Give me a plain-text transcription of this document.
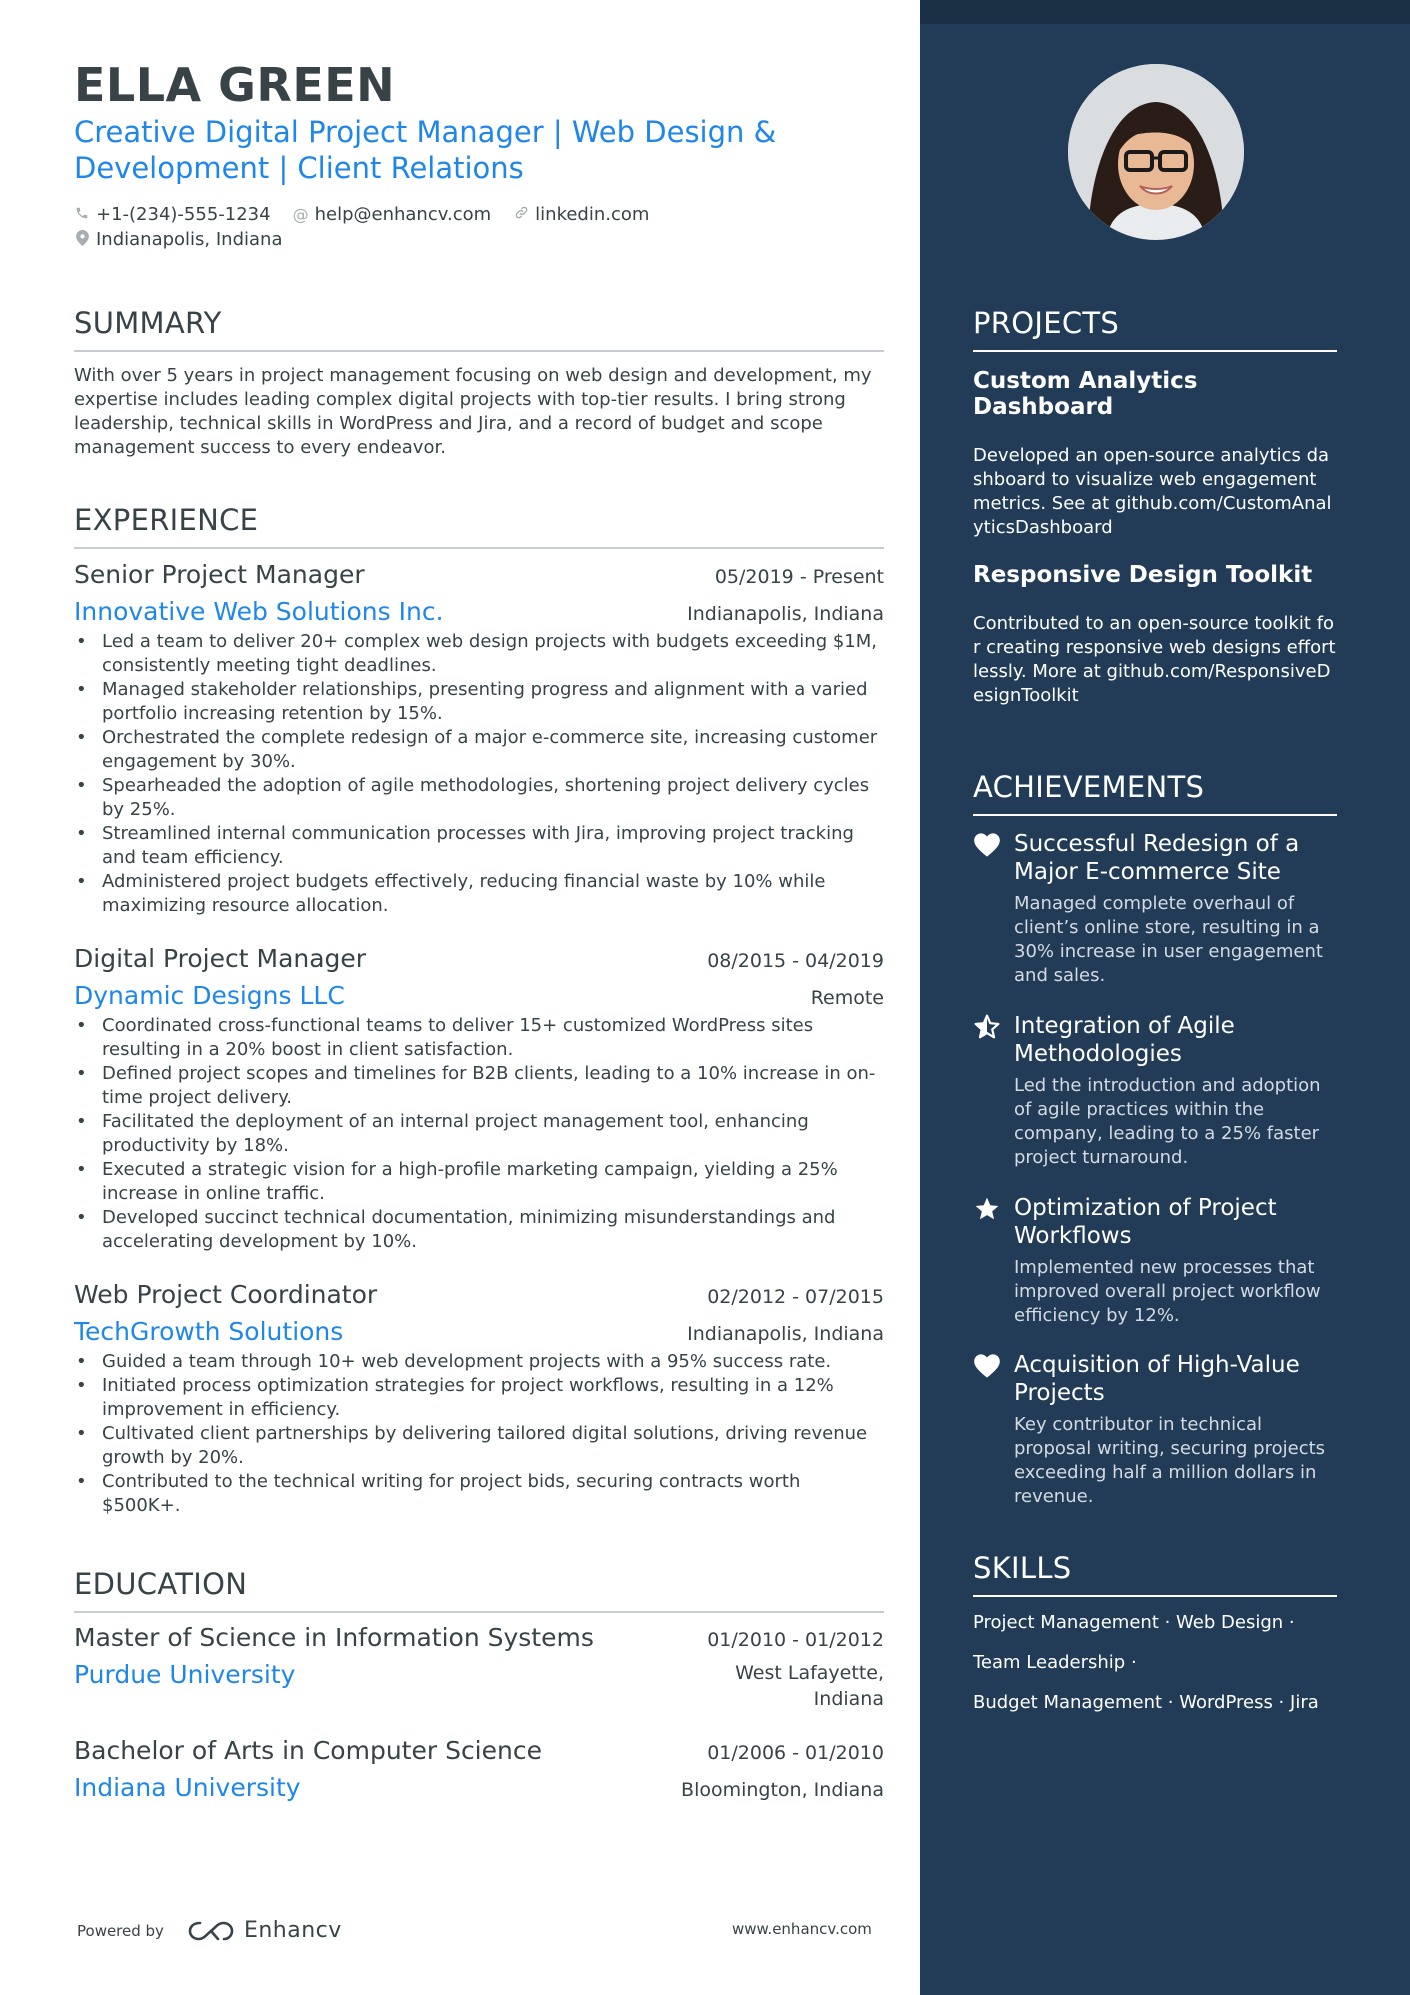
ELLA GREEN
Creative Digital Project Manager | Web Design &
Development | Client Relations
+1-(234)-555-1234 @ help@enhancv.com linkedin.com
Indianapolis, Indiana
SUMMARY
With over 5 years in project management focusing on web design and development, my expertise includes leading complex digital projects with top-tier results. I bring strong leadership, technical skills in WordPress and Jira, and a record of budget and scope management success to every endeavor.
EXPERIENCE
Senior Project Manager	05/2019 - Present
Innovative Web Solutions Inc.	Indianapolis, Indiana
• Led a team to deliver 20+ complex web design projects with budgets exceeding $1M, consistently meeting tight deadlines.
• Managed stakeholder relationships, presenting progress and alignment with a varied portfolio increasing retention by 15%.
• Orchestrated the complete redesign of a major e-commerce site, increasing customer engagement by 30%.
• Spearheaded the adoption of agile methodologies, shortening project delivery cycles by 25%.
• Streamlined internal communication processes with Jira, improving project tracking and team efficiency.
• Administered project budgets effectively, reducing financial waste by 10% while maximizing resource allocation.
Digital Project Manager	08/2015 - 04/2019
Dynamic Designs LLC	Remote
• Coordinated cross-functional teams to deliver 15+ customized WordPress sites resulting in a 20% boost in client satisfaction.
• Defined project scopes and timelines for B2B clients, leading to a 10% increase in on-time project delivery.
• Facilitated the deployment of an internal project management tool, enhancing productivity by 18%.
• Executed a strategic vision for a high-profile marketing campaign, yielding a 25% increase in online traffic.
• Developed succinct technical documentation, minimizing misunderstandings and accelerating development by 10%.
Web Project Coordinator	02/2012 - 07/2015
TechGrowth Solutions	Indianapolis, Indiana
• Guided a team through 10+ web development projects with a 95% success rate.
• Initiated process optimization strategies for project workflows, resulting in a 12% improvement in efficiency.
• Cultivated client partnerships by delivering tailored digital solutions, driving revenue growth by 20%.
• Contributed to the technical writing for project bids, securing contracts worth $500K+.
EDUCATION
Master of Science in Information Systems	01/2010 - 01/2012
Purdue University	West Lafayette, Indiana
Bachelor of Arts in Computer Science	01/2006 - 01/2010
Indiana University	Bloomington, Indiana
Powered by	Enhancv	www.enhancv.com
PROJECTS
Custom Analytics Dashboard
Developed an open-source analytics dashboard to visualize web engagement metrics. See at github.com/CustomAnalyticsDashboard
Responsive Design Toolkit
Contributed to an open-source toolkit for creating responsive web designs effortlessly. More at github.com/ResponsiveDesignToolkit
ACHIEVEMENTS
Successful Redesign of a Major E-commerce Site
Managed complete overhaul of client’s online store, resulting in a 30% increase in user engagement and sales.
Integration of Agile Methodologies
Led the introduction and adoption of agile practices within the company, leading to a 25% faster project turnaround.
Optimization of Project Workflows
Implemented new processes that improved overall project workflow efficiency by 12%.
Acquisition of High-Value Projects
Key contributor in technical proposal writing, securing projects exceeding half a million dollars in revenue.
SKILLS
Project Management · Web Design ·
Team Leadership ·
Budget Management · WordPress · Jira
